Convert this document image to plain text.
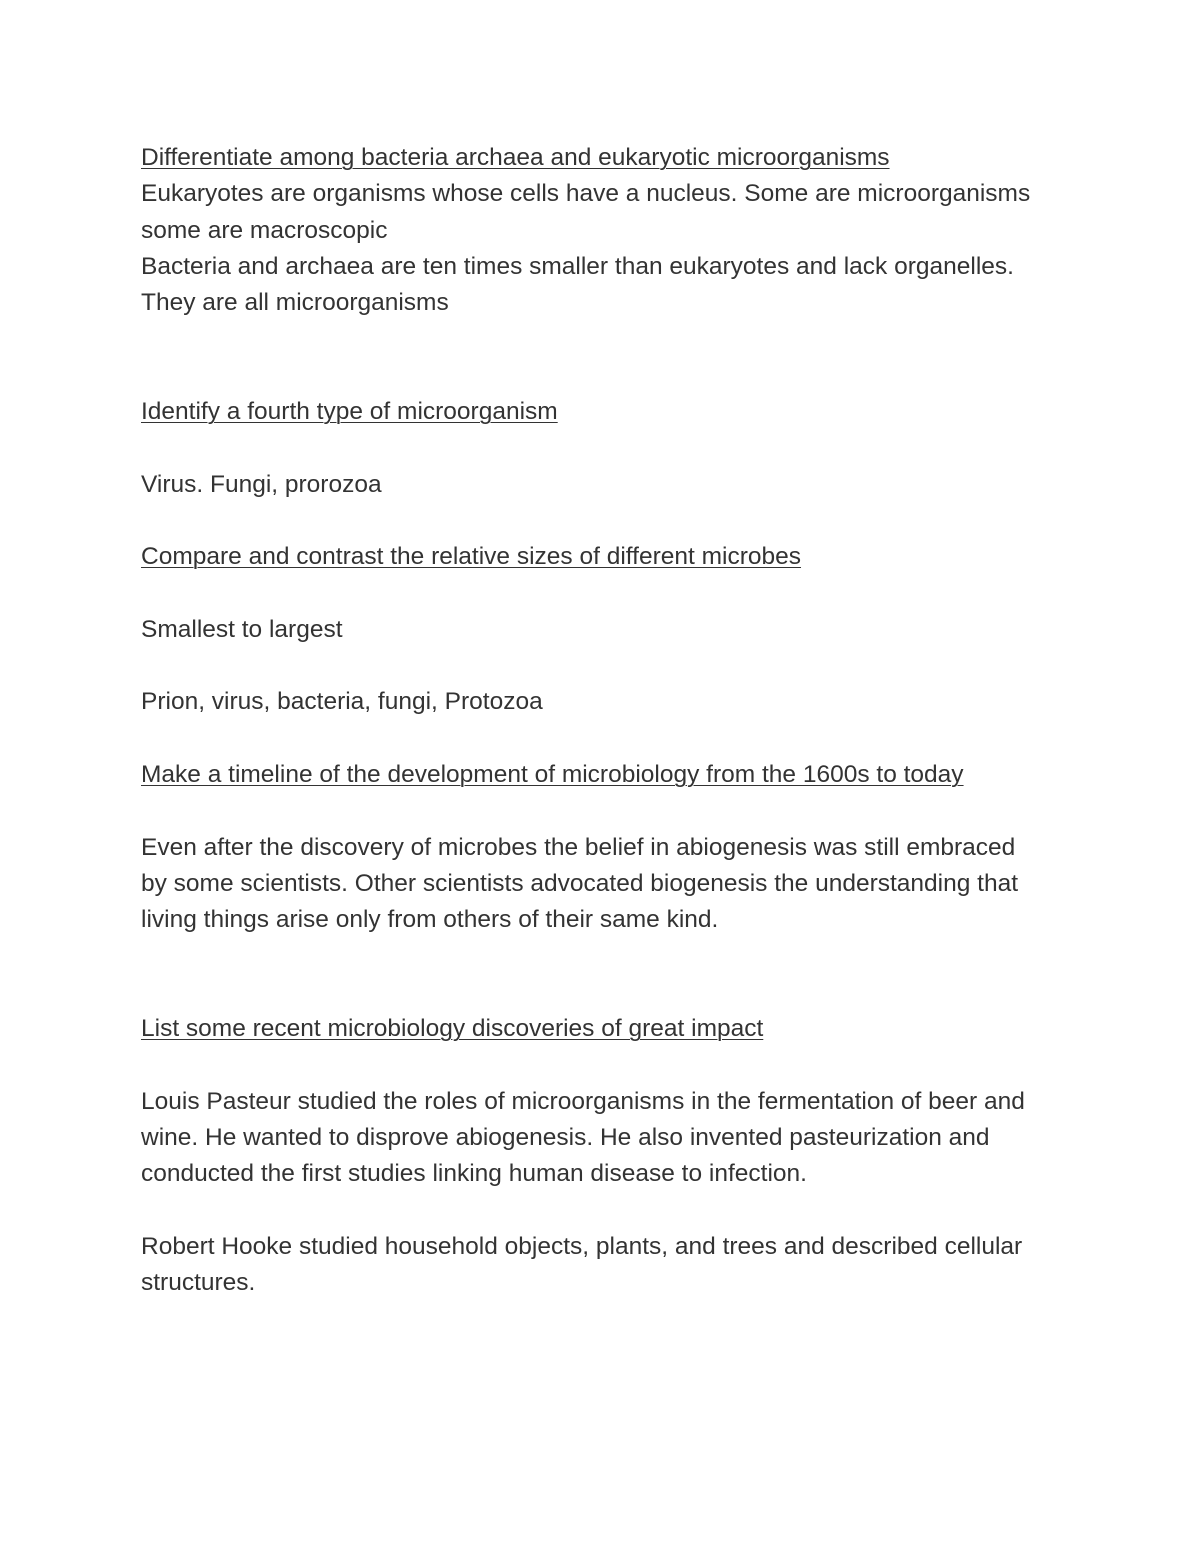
Differentiate among bacteria archaea and eukaryotic microorganisms

Eukaryotes are organisms whose cells have a nucleus. Some are microorganisms some are macroscopic

Bacteria and archaea are ten times smaller than eukaryotes and lack organelles. They are all microorganisms

Identify a fourth type of microorganism

Virus. Fungi, prorozoa

Compare and contrast the relative sizes of different microbes

Smallest to largest

Prion, virus, bacteria, fungi, Protozoa

Make a timeline of the development of microbiology from the 1600s to today

Even after the discovery of microbes the belief in abiogenesis was still embraced by some scientists. Other scientists advocated biogenesis the understanding that living things arise only from others of their same kind.

List some recent microbiology discoveries of great impact

Louis Pasteur studied the roles of microorganisms in the fermentation of beer and wine. He wanted to disprove abiogenesis. He also invented pasteurization and conducted the first studies linking human disease to infection.

Robert Hooke studied household objects, plants, and trees and described cellular structures.
